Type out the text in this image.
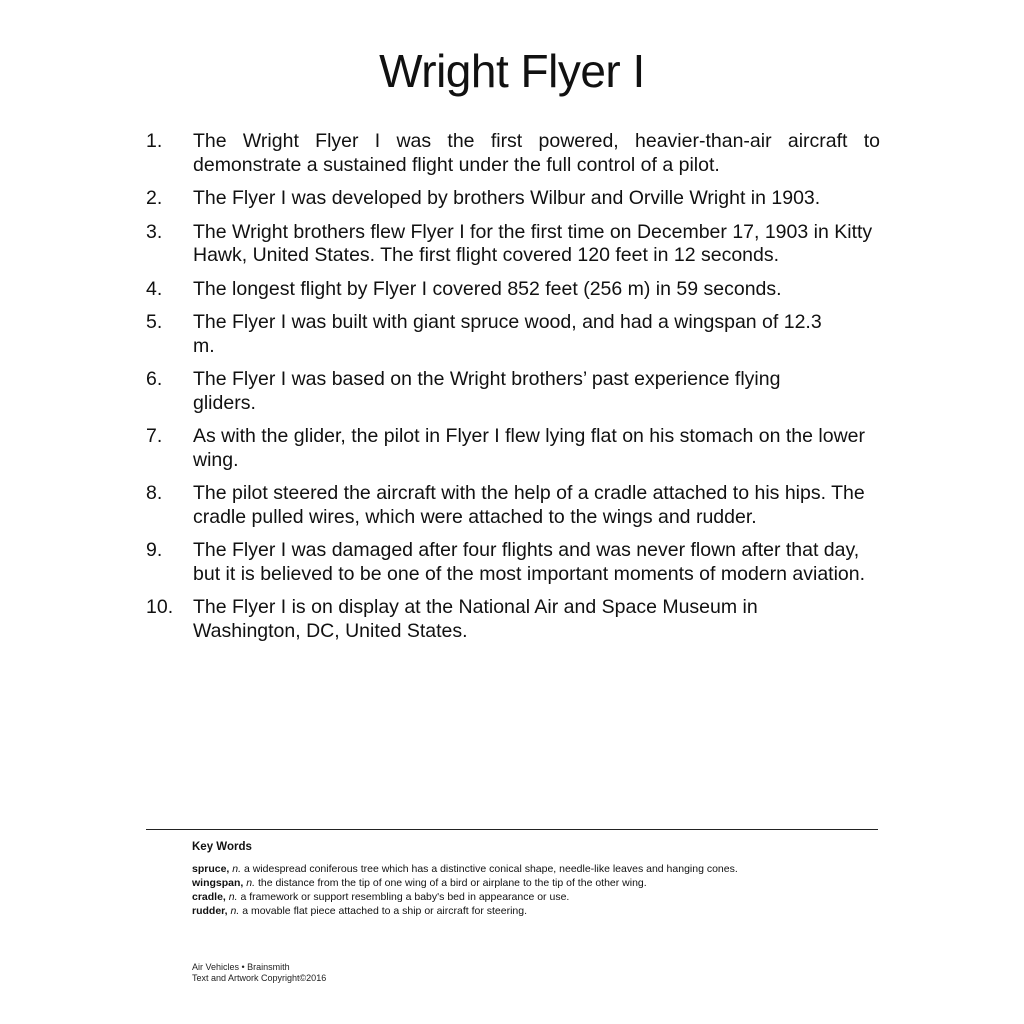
Wright Flyer I
1.	The Wright Flyer I was the first powered, heavier-than-air aircraft to demonstrate a sustained flight under the full control of a pilot.
2.	The Flyer I was developed by brothers Wilbur and Orville Wright in 1903.
3.	The Wright brothers flew Flyer I for the first time on December 17, 1903 in Kitty Hawk, United States. The first flight covered 120 feet in 12 seconds.
4.	The longest flight by Flyer I covered 852 feet (256 m) in 59 seconds.
5.	The Flyer I was built with giant spruce wood, and had a wingspan of 12.3 m.
6.	The Flyer I was based on the Wright brothers’ past experience flying gliders.
7.	As with the glider, the pilot in Flyer I flew lying flat on his stomach on the lower wing.
8.	The pilot steered the aircraft with the help of a cradle attached to his hips. The cradle pulled wires, which were attached to the wings and rudder.
9.	The Flyer I was damaged after four flights and was never flown after that day, but it is believed to be one of the most important moments of modern aviation.
10.	The Flyer I is on display at the National Air and Space Museum in Washington, DC, United States.
Key Words
spruce, n. a widespread coniferous tree which has a distinctive conical shape, needle-like leaves and hanging cones.
wingspan, n. the distance from the tip of one wing of a bird or airplane to the tip of the other wing.
cradle, n. a framework or support resembling a baby's bed in appearance or use.
rudder, n. a movable flat piece attached to a ship or aircraft for steering.
Air Vehicles • Brainsmith
Text and Artwork Copyright©2016
